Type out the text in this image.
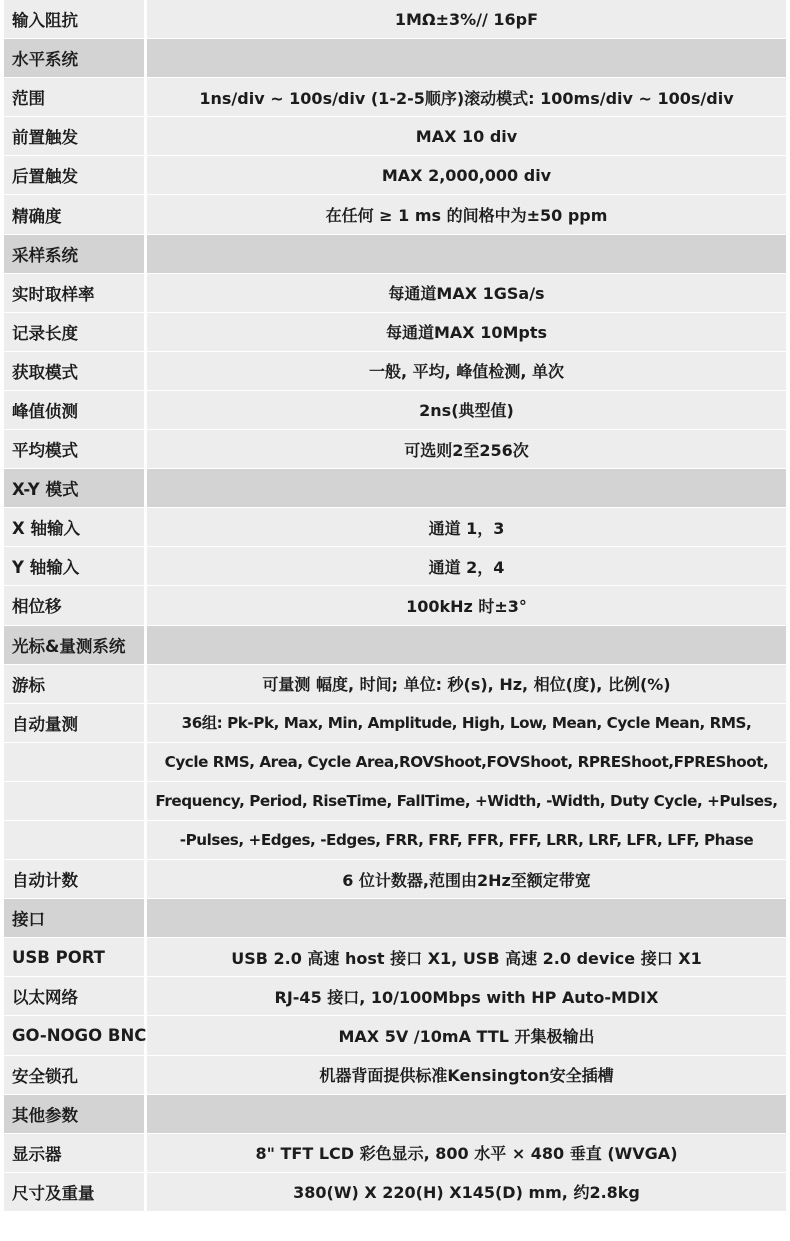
输入阻抗	1MΩ±3%// 16pF
水平系统
范围	1ns/div ~ 100s/div (1-2-5顺序)滚动模式: 100ms/div ~ 100s/div
前置触发	MAX 10 div
后置触发	MAX 2,000,000 div
精确度	在任何 ≥ 1 ms 的间格中为±50 ppm
采样系统
实时取样率	每通道MAX 1GSa/s
记录长度	每通道MAX 10Mpts
获取模式	一般, 平均, 峰值检测, 单次
峰值侦测	2ns(典型值)
平均模式	可选则2至256次
X-Y 模式
X 轴输入	通道 1，3
Y 轴输入	通道 2，4
相位移	100kHz 时±3°
光标&量测系统
游标	可量测 幅度, 时间; 单位: 秒(s), Hz, 相位(度), 比例(%)
自动量测	36组: Pk-Pk, Max, Min, Amplitude, High, Low, Mean, Cycle Mean, RMS,
Cycle RMS, Area, Cycle Area,ROVShoot,FOVShoot, RPREShoot,FPREShoot,
Frequency, Period, RiseTime, FallTime, +Width, -Width, Duty Cycle, +Pulses,
-Pulses, +Edges, -Edges, FRR, FRF, FFR, FFF, LRR, LRF, LFR, LFF, Phase
自动计数	6 位计数器,范围由2Hz至额定带宽
接口
USB PORT	USB 2.0 高速 host 接口 X1, USB 高速 2.0 device 接口 X1
以太网络	RJ-45 接口, 10/100Mbps with HP Auto-MDIX
GO-NOGO BNC	MAX 5V /10mA TTL 开集极输出
安全锁孔	机器背面提供标准Kensington安全插槽
其他参数
显示器	8" TFT LCD 彩色显示, 800 水平 × 480 垂直 (WVGA)
尺寸及重量	380(W) X 220(H) X145(D) mm, 约2.8kg
